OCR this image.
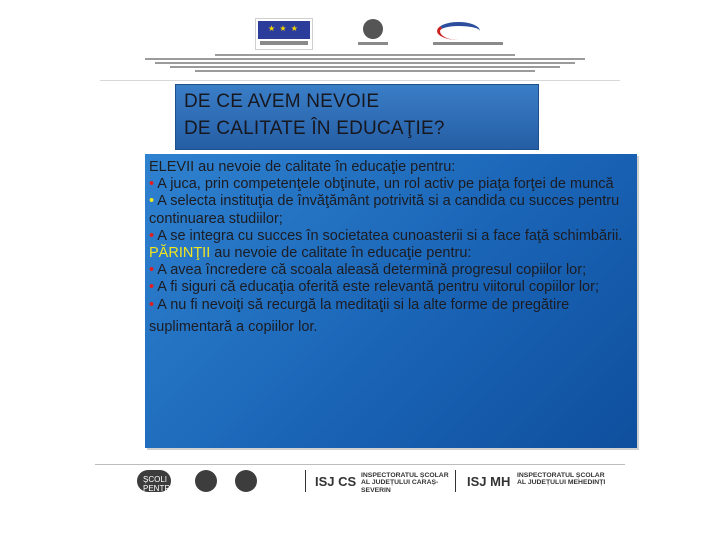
★ ★ ★
DE CE AVEM NEVOIE
DE CALITATE ÎN EDUCAŢIE?

ELEVII au nevoie de calitate în educaţie pentru:

• A juca, prin competenţele obţinute, un rol activ pe piaţa forţei de muncă

• A selecta instituţia de învăţământ potrivită si a candida cu succes pentru continuarea studiilor;

• A se integra cu succes în societatea cunoasterii si a face faţă schimbării.

PĂRINŢII au nevoie de calitate în educaţie pentru:

• A avea încredere că scoala aleasă determină progresul copiilor lor;

• A fi siguri că educaţia oferită este relevantă pentru viitorul copiilor lor;

• A nu fi nevoiţi să recurgă la meditaţii si la alte forme de pregătire

suplimentară a copiilor lor.

ȘCOLI PENTRU	ISJ CS INSPECTORATUL ȘCOLAR AL JUDEȚULUI CARAȘ-SEVERIN
ISJ MH INSPECTORATUL ȘCOLAR AL JUDEȚULUI MEHEDINȚI
